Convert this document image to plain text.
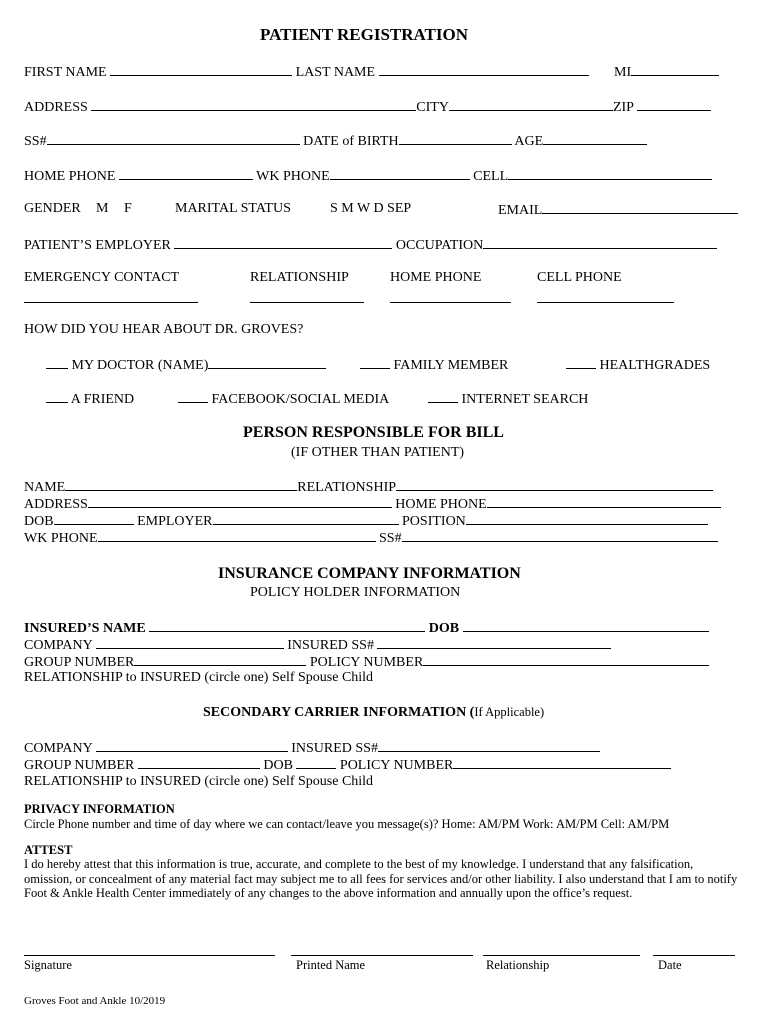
PATIENT REGISTRATION
FIRST NAME	LAST NAME	MI
ADDRESS	CITY	ZIP
SS#	DATE of BIRTH	AGE
HOME PHONE	WK PHONE	CELL
GENDER M F	MARITAL STATUS	S M W D SEP	EMAIL
PATIENT’S EMPLOYER	OCCUPATION
EMERGENCY CONTACT	RELATIONSHIP	HOME PHONE	CELL PHONE
HOW DID YOU HEAR ABOUT DR. GROVES?
MY DOCTOR (NAME)	FAMILY MEMBER	HEALTHGRADES
A FRIEND	FACEBOOK/SOCIAL MEDIA	INTERNET SEARCH
PERSON RESPONSIBLE FOR BILL
(IF OTHER THAN PATIENT)
NAME	RELATIONSHIP
ADDRESS	HOME PHONE
DOB	EMPLOYER	POSITION
WK PHONE	SS#
INSURANCE COMPANY INFORMATION
POLICY HOLDER INFORMATION
INSURED’S NAME	DOB
COMPANY	INSURED SS#
GROUP NUMBER	POLICY NUMBER
RELATIONSHIP to INSURED (circle one) Self Spouse Child
SECONDARY CARRIER INFORMATION (If Applicable)
COMPANY	INSURED SS#
GROUP NUMBER	DOB	POLICY NUMBER
RELATIONSHIP to INSURED (circle one) Self Spouse Child
PRIVACY INFORMATION
Circle Phone number and time of day where we can contact/leave you message(s)? Home: AM/PM Work: AM/PM Cell: AM/PM
ATTEST
I do hereby attest that this information is true, accurate, and complete to the best of my knowledge. I understand that any falsification,
omission, or concealment of any material fact may subject me to all fees for services and/or other liability. I also understand that I am to notify
Foot & Ankle Health Center immediately of any changes to the above information and annually upon the office’s request.
Signature	Printed Name	Relationship	Date
Groves Foot and Ankle 10/2019
